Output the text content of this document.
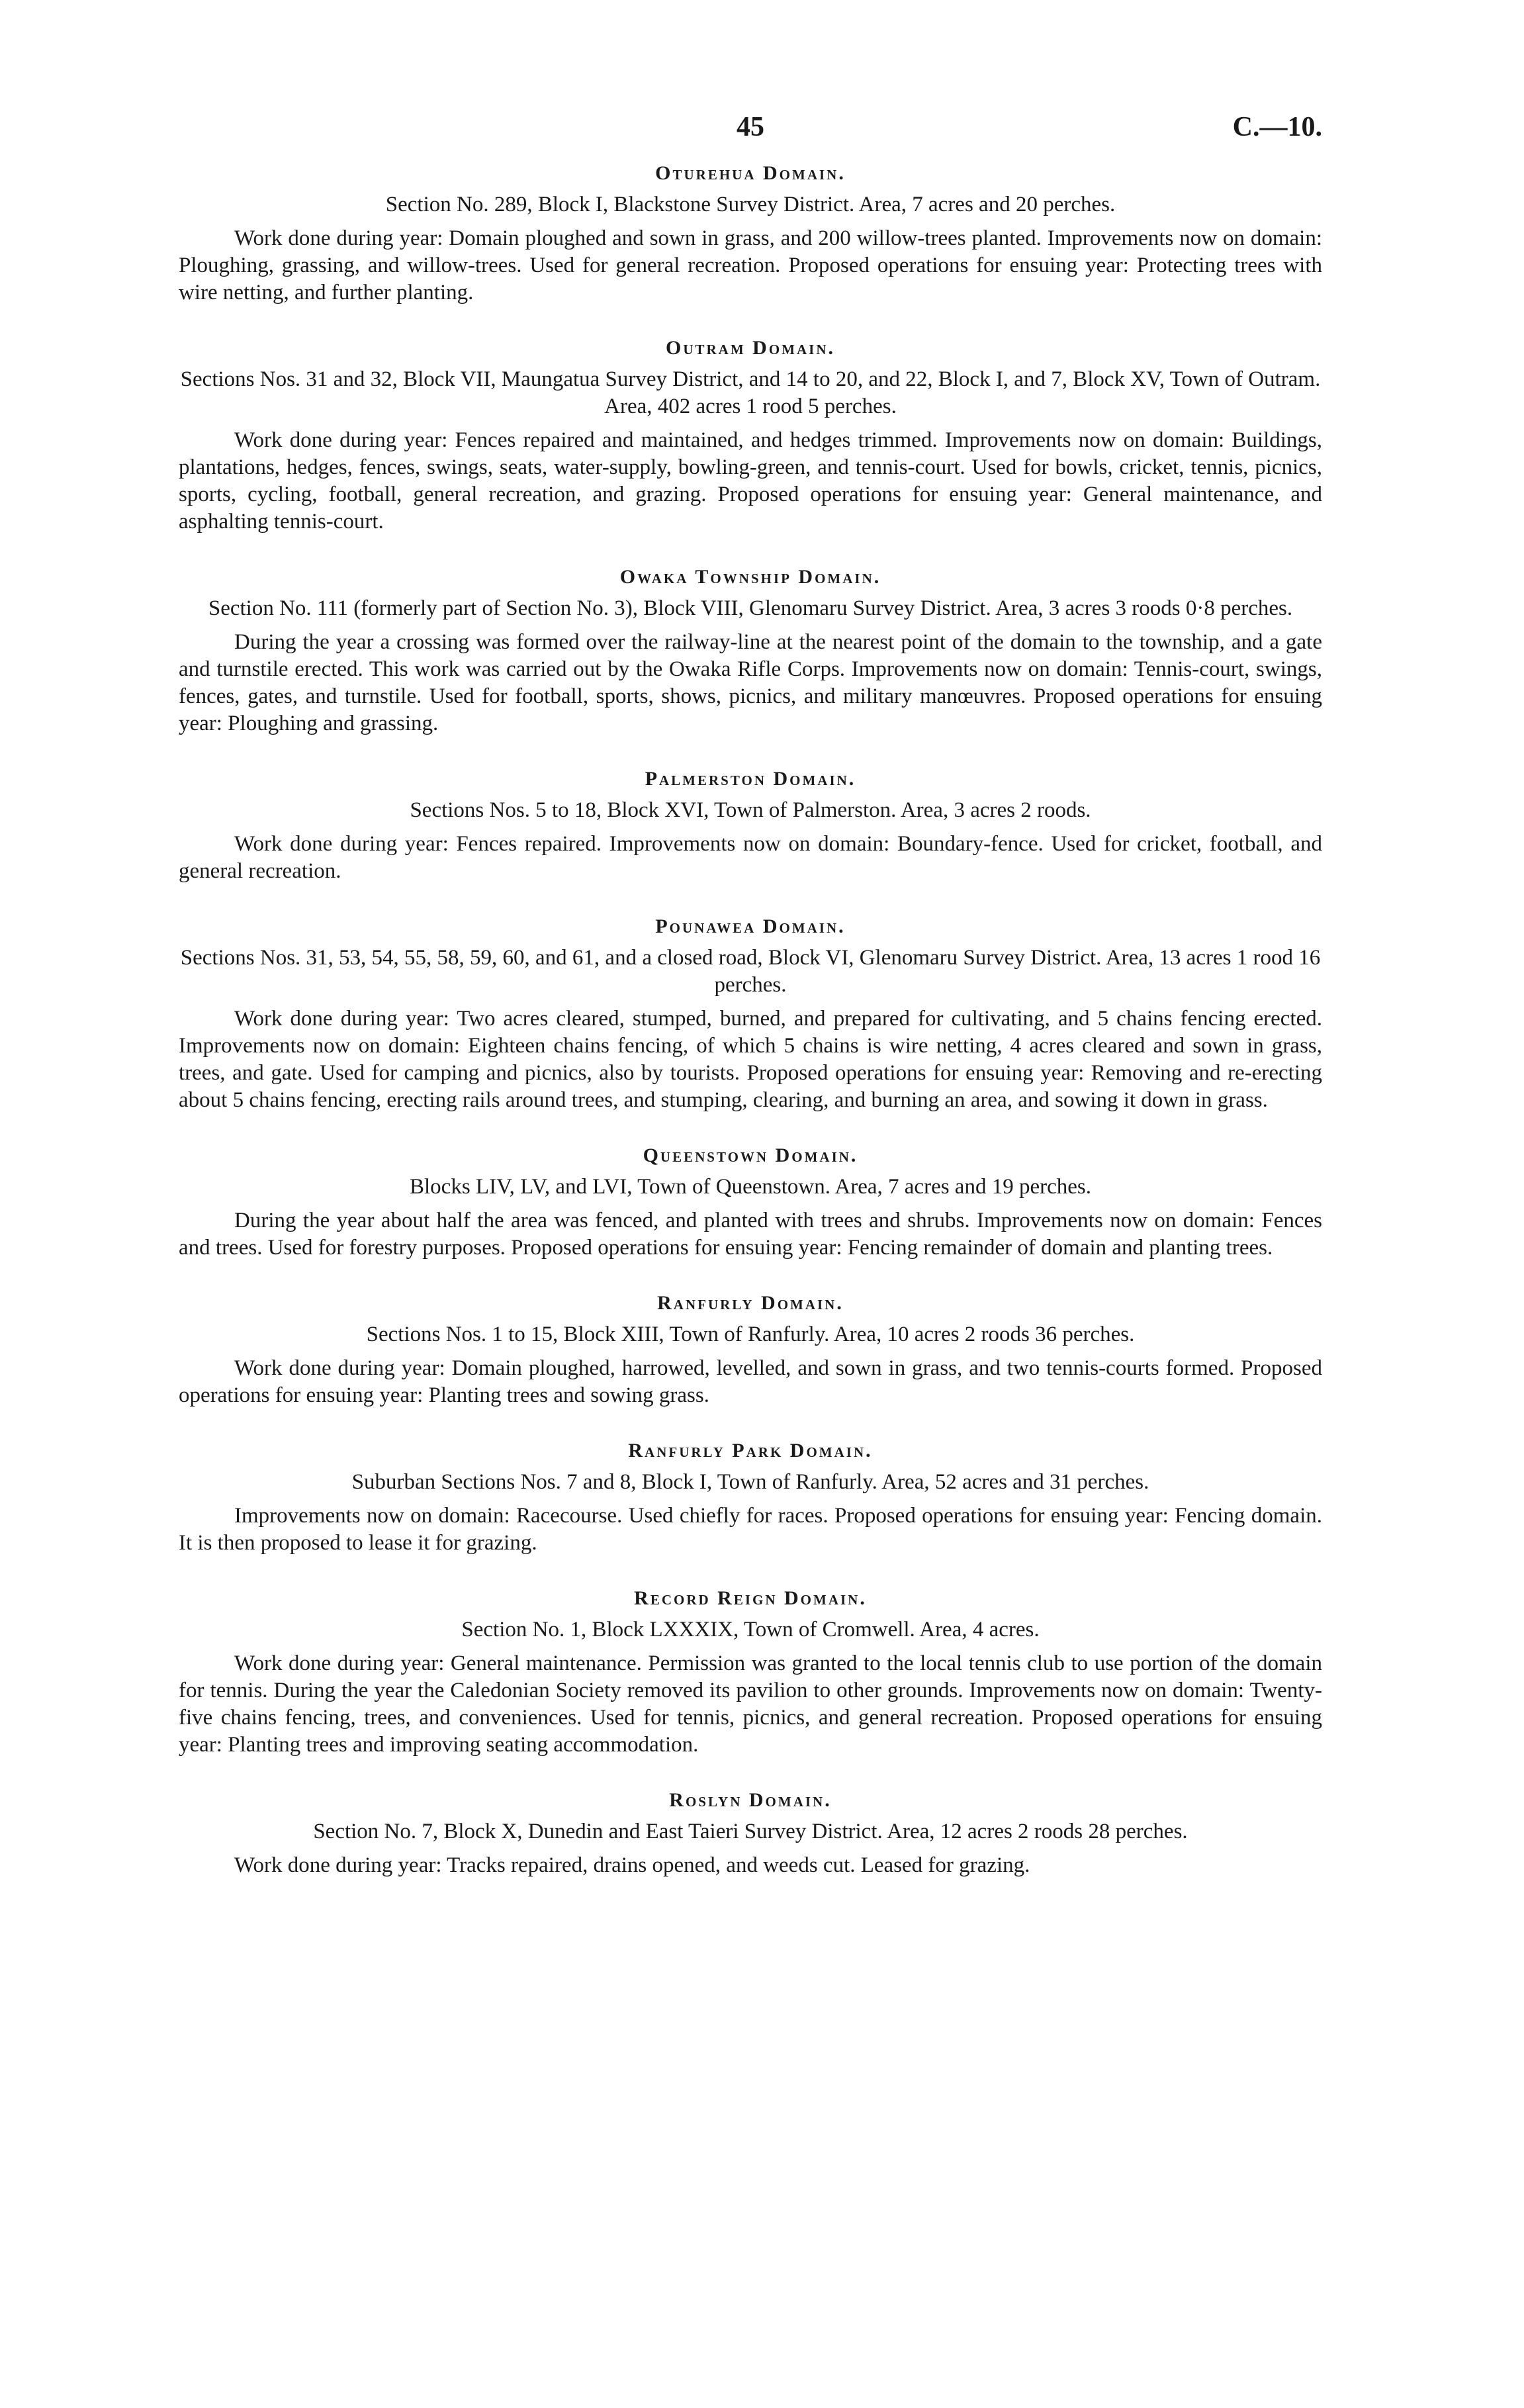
45	C.—10.
Oturehua Domain.
Section No. 289, Block I, Blackstone Survey District. Area, 7 acres and 20 perches.

Work done during year: Domain ploughed and sown in grass, and 200 willow-trees planted. Improvements now on domain: Ploughing, grassing, and willow-trees. Used for general recreation. Proposed operations for ensuing year: Protecting trees with wire netting, and further planting.

Outram Domain.
Sections Nos. 31 and 32, Block VII, Maungatua Survey District, and 14 to 20, and 22, Block I, and 7, Block XV, Town of Outram. Area, 402 acres 1 rood 5 perches.

Work done during year: Fences repaired and maintained, and hedges trimmed. Improvements now on domain: Buildings, plantations, hedges, fences, swings, seats, water-supply, bowling-green, and tennis-court. Used for bowls, cricket, tennis, picnics, sports, cycling, football, general recreation, and grazing. Proposed operations for ensuing year: General maintenance, and asphalting tennis-court.

Owaka Township Domain.
Section No. 111 (formerly part of Section No. 3), Block VIII, Glenomaru Survey District. Area, 3 acres 3 roods 0·8 perches.

During the year a crossing was formed over the railway-line at the nearest point of the domain to the township, and a gate and turnstile erected. This work was carried out by the Owaka Rifle Corps. Improvements now on domain: Tennis-court, swings, fences, gates, and turnstile. Used for football, sports, shows, picnics, and military manœuvres. Proposed operations for ensuing year: Ploughing and grassing.

Palmerston Domain.
Sections Nos. 5 to 18, Block XVI, Town of Palmerston. Area, 3 acres 2 roods.

Work done during year: Fences repaired. Improvements now on domain: Boundary-fence. Used for cricket, football, and general recreation.

Pounawea Domain.
Sections Nos. 31, 53, 54, 55, 58, 59, 60, and 61, and a closed road, Block VI, Glenomaru Survey District. Area, 13 acres 1 rood 16 perches.

Work done during year: Two acres cleared, stumped, burned, and prepared for cultivating, and 5 chains fencing erected. Improvements now on domain: Eighteen chains fencing, of which 5 chains is wire netting, 4 acres cleared and sown in grass, trees, and gate. Used for camping and picnics, also by tourists. Proposed operations for ensuing year: Removing and re-erecting about 5 chains fencing, erecting rails around trees, and stumping, clearing, and burning an area, and sowing it down in grass.

Queenstown Domain.
Blocks LIV, LV, and LVI, Town of Queenstown. Area, 7 acres and 19 perches.

During the year about half the area was fenced, and planted with trees and shrubs. Improvements now on domain: Fences and trees. Used for forestry purposes. Proposed operations for ensuing year: Fencing remainder of domain and planting trees.

Ranfurly Domain.
Sections Nos. 1 to 15, Block XIII, Town of Ranfurly. Area, 10 acres 2 roods 36 perches.

Work done during year: Domain ploughed, harrowed, levelled, and sown in grass, and two tennis-courts formed. Proposed operations for ensuing year: Planting trees and sowing grass.

Ranfurly Park Domain.
Suburban Sections Nos. 7 and 8, Block I, Town of Ranfurly. Area, 52 acres and 31 perches.

Improvements now on domain: Racecourse. Used chiefly for races. Proposed operations for ensuing year: Fencing domain. It is then proposed to lease it for grazing.

Record Reign Domain.
Section No. 1, Block LXXXIX, Town of Cromwell. Area, 4 acres.

Work done during year: General maintenance. Permission was granted to the local tennis club to use portion of the domain for tennis. During the year the Caledonian Society removed its pavilion to other grounds. Improvements now on domain: Twenty-five chains fencing, trees, and conveniences. Used for tennis, picnics, and general recreation. Proposed operations for ensuing year: Planting trees and improving seating accommodation.

Roslyn Domain.
Section No. 7, Block X, Dunedin and East Taieri Survey District. Area, 12 acres 2 roods 28 perches.

Work done during year: Tracks repaired, drains opened, and weeds cut. Leased for grazing.
